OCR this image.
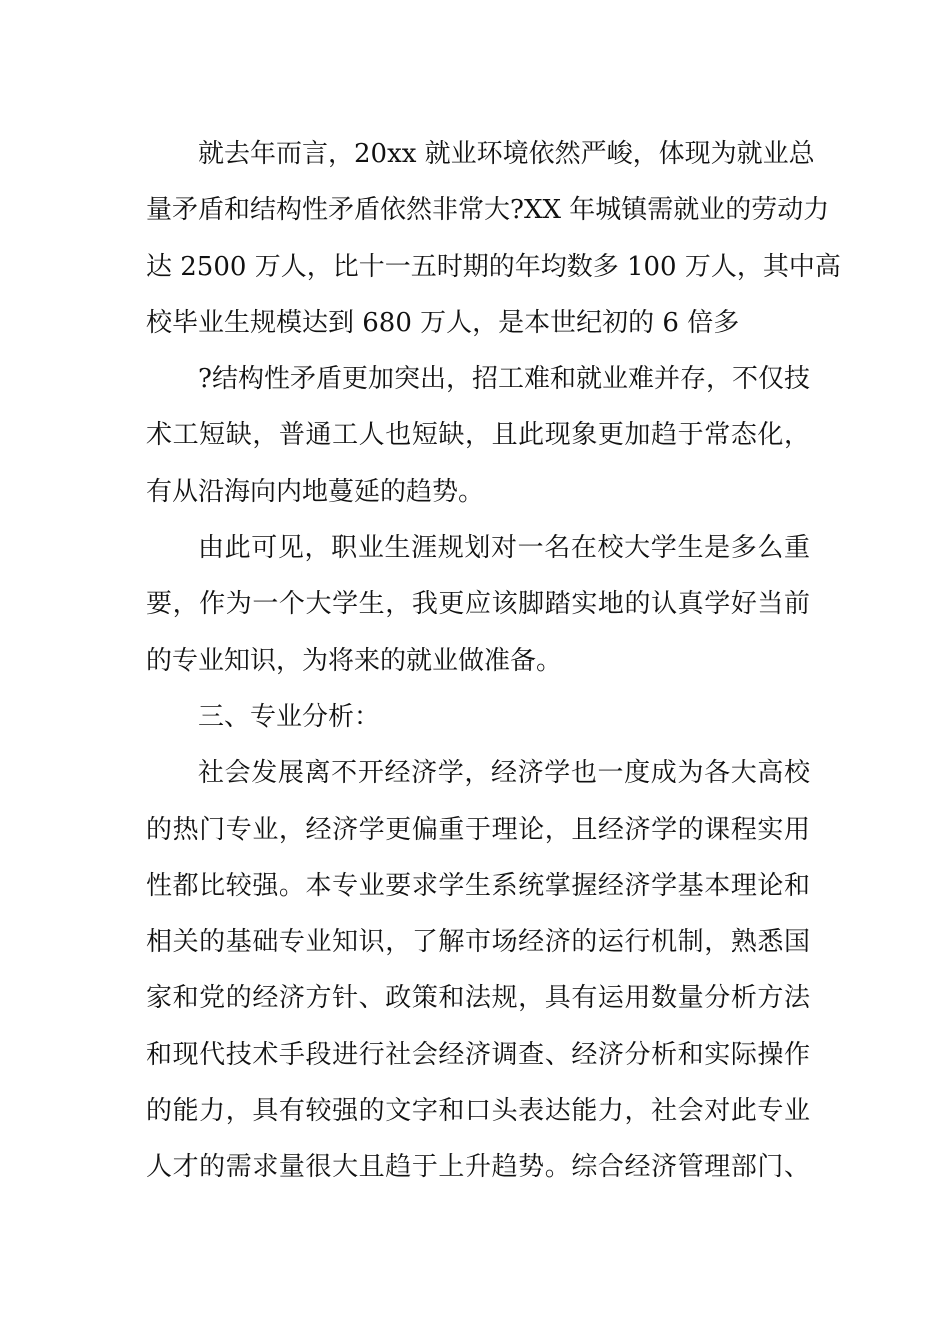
就去年而言，20xx 就业环境依然严峻，体现为就业总
量矛盾和结构性矛盾依然非常大?XX 年城镇需就业的劳动力
达 2500 万人，比十一五时期的年均数多 100 万人，其中高
校毕业生规模达到 680 万人，是本世纪初的 6 倍多
?结构性矛盾更加突出，招工难和就业难并存，不仅技
术工短缺，普通工人也短缺，且此现象更加趋于常态化，
有从沿海向内地蔓延的趋势。
由此可见，职业生涯规划对一名在校大学生是多么重
要，作为一个大学生，我更应该脚踏实地的认真学好当前
的专业知识，为将来的就业做准备。
三、专业分析：
社会发展离不开经济学，经济学也一度成为各大高校
的热门专业，经济学更偏重于理论，且经济学的课程实用
性都比较强。本专业要求学生系统掌握经济学基本理论和
相关的基础专业知识，了解市场经济的运行机制，熟悉国
家和党的经济方针、政策和法规，具有运用数量分析方法
和现代技术手段进行社会经济调查、经济分析和实际操作
的能力，具有较强的文字和口头表达能力，社会对此专业
人才的需求量很大且趋于上升趋势。综合经济管理部门、
